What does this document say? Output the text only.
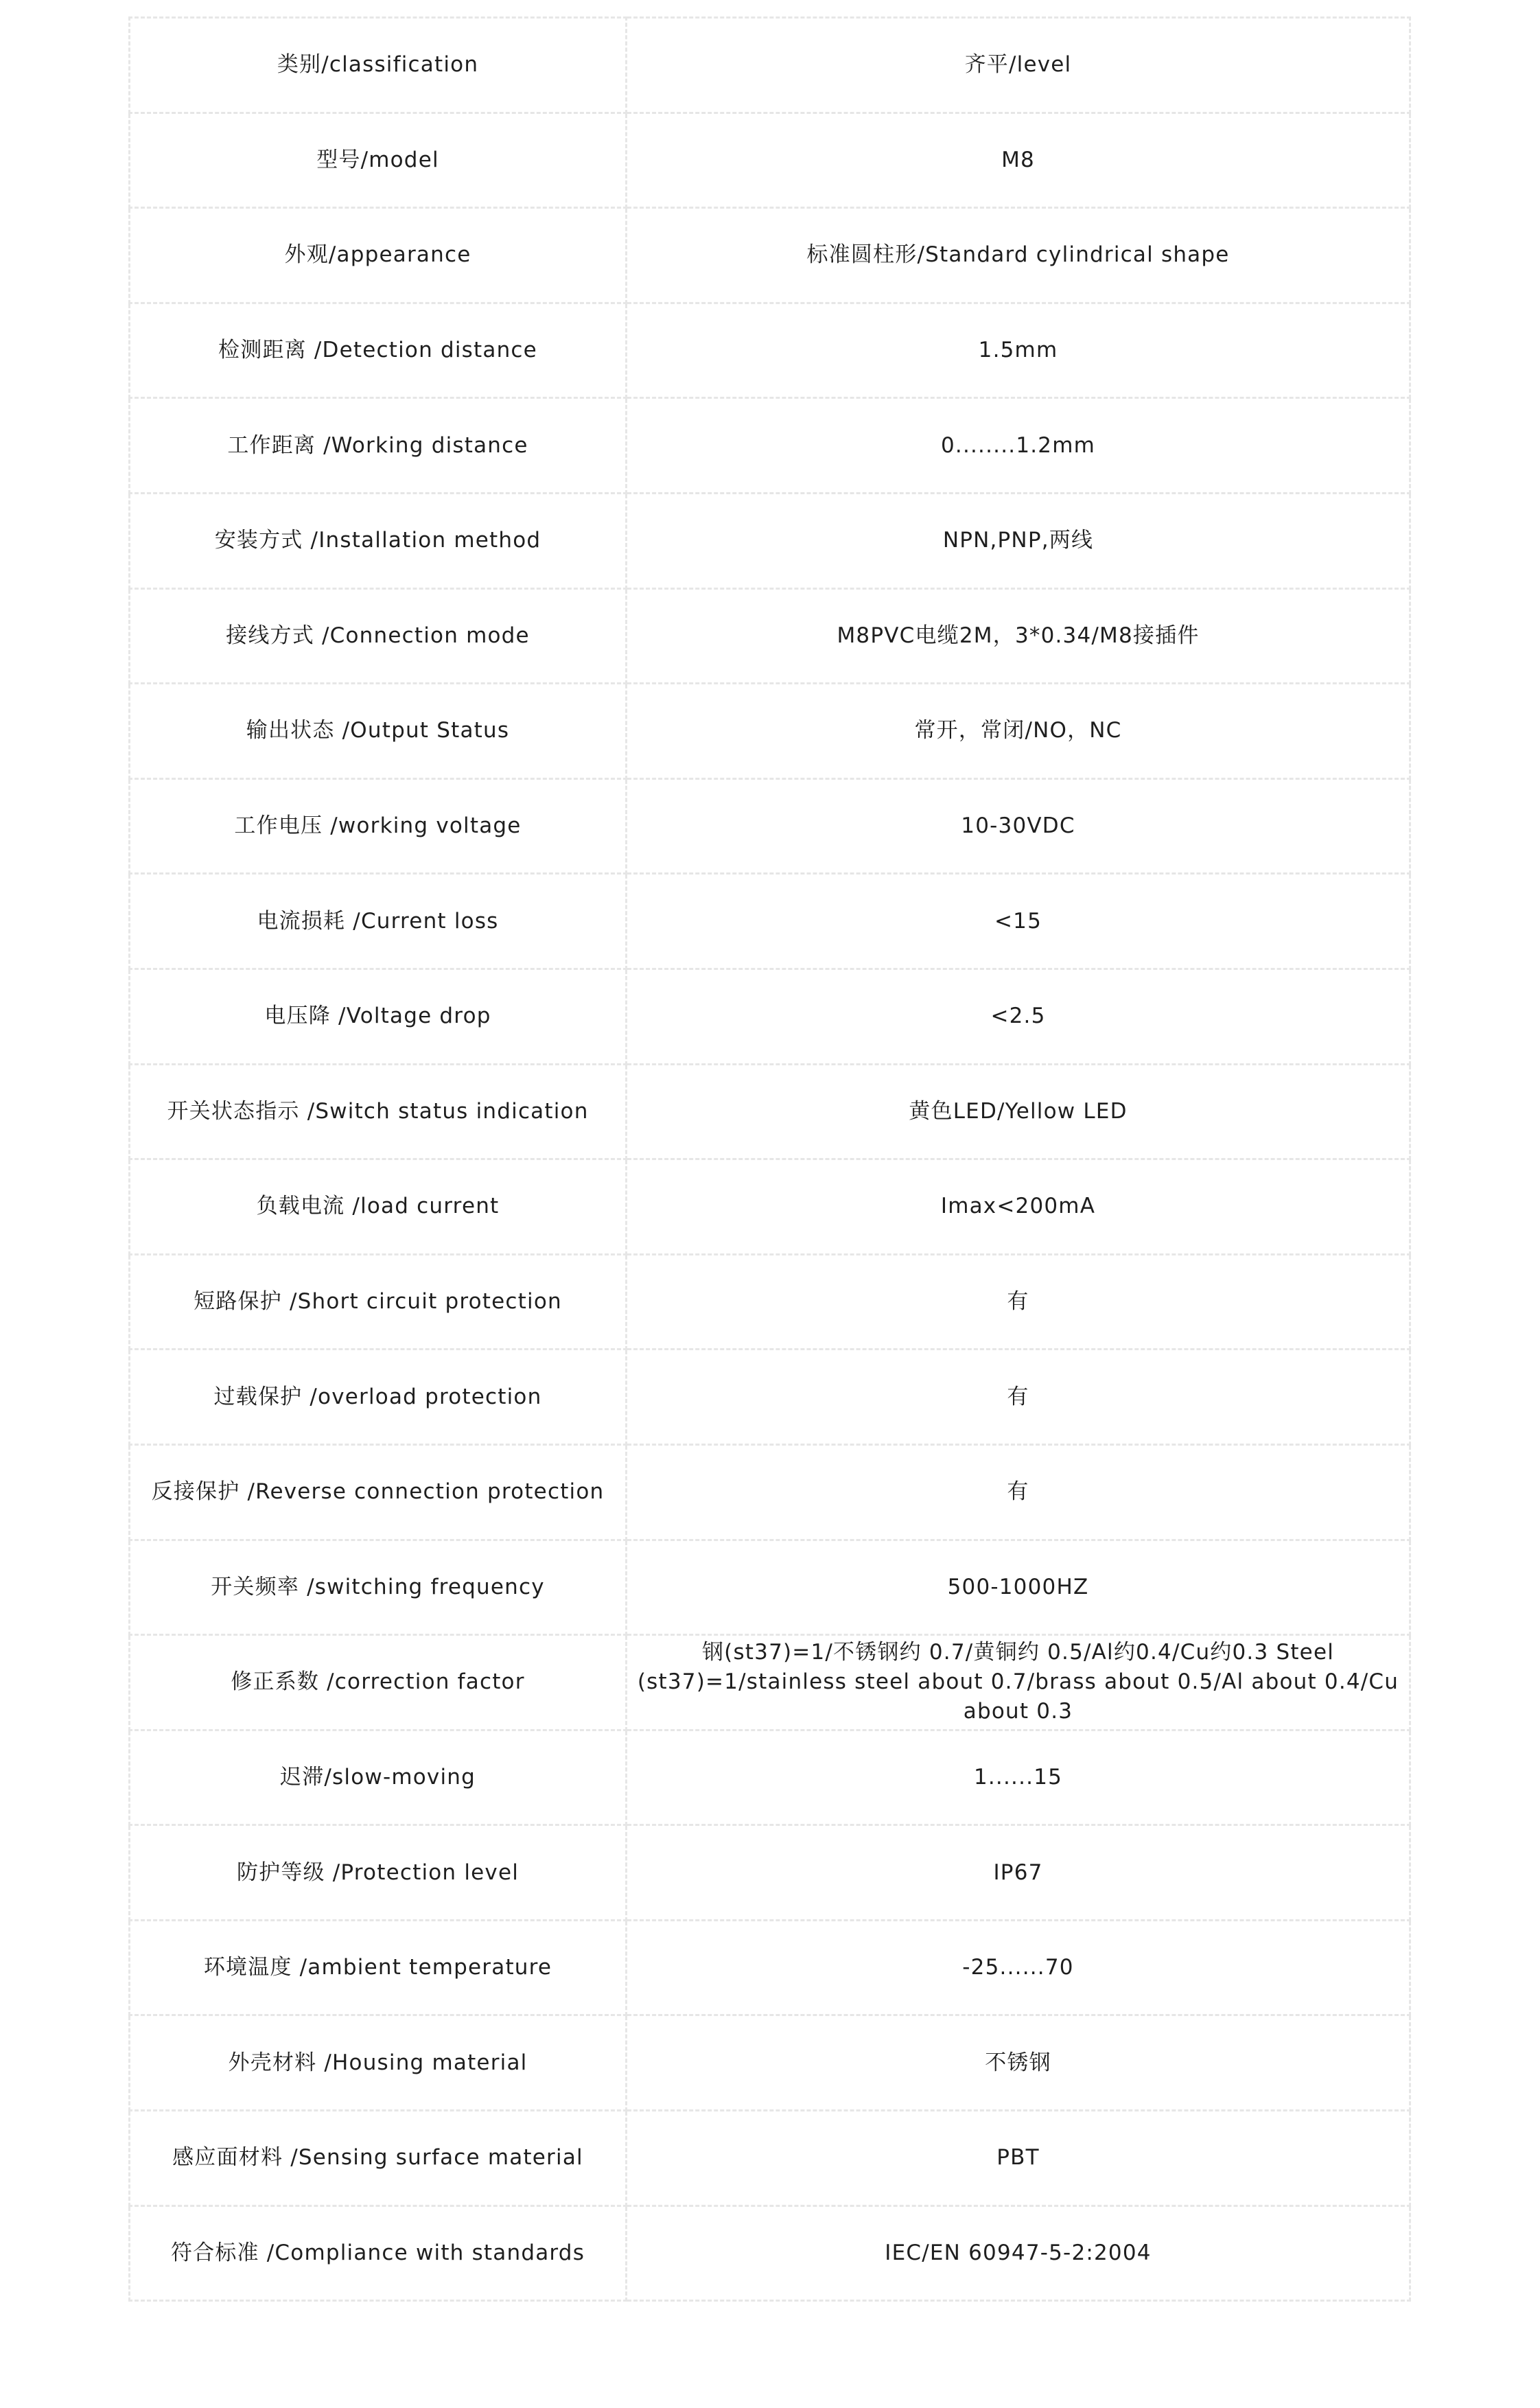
类别/classification	齐平/level
型号/model	M8
外观/appearance	标准圆柱形/Standard cylindrical shape
检测距离 /Detection distance	1.5mm
工作距离 /Working distance	0........1.2mm
安装方式 /Installation method	NPN,PNP,两线
接线方式 /Connection mode	M8PVC电缆2M，3*0.34/M8接插件
输出状态 /Output Status	常开，常闭/NO，NC
工作电压 /working voltage	10-30VDC
电流损耗 /Current loss	<15
电压降 /Voltage drop	<2.5
开关状态指示 /Switch status indication	黄色LED/Yellow LED
负载电流 /load current	Imax<200mA
短路保护 /Short circuit protection	有
过载保护 /overload protection	有
反接保护 /Reverse connection protection	有
开关频率 /switching frequency	500-1000HZ
修正系数 /correction factor	钢(st37)=1/不锈钢约 0.7/黄铜约 0.5/Al约0.4/Cu约0.3 Steel (st37)=1/stainless steel about 0.7/brass about 0.5/Al about 0.4/Cu about 0.3
迟滞/slow-moving	1......15
防护等级 /Protection level	IP67
环境温度 /ambient temperature	-25......70
外壳材料 /Housing material	不锈钢
感应面材料 /Sensing surface material	PBT
符合标准 /Compliance with standards	IEC/EN 60947-5-2:2004
